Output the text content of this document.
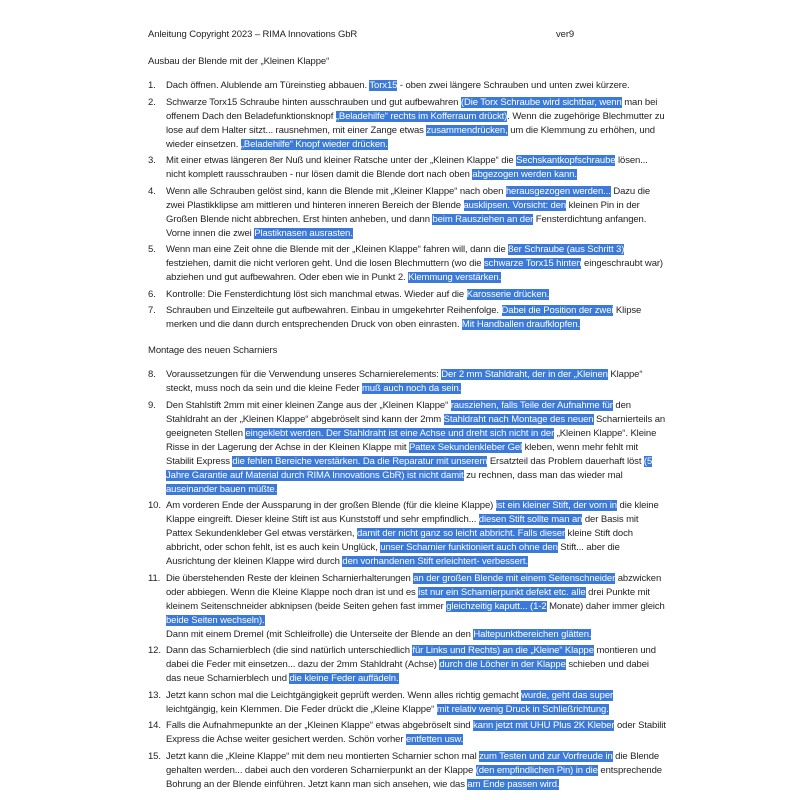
Anleitung Copyright 2023 – RIMA Innovations GbR	ver9
Ausbau der Blende mit der „Kleinen Klappe“
1.	Dach öffnen. Alublende am Türeinstieg abbauen. Torx15 - oben zwei längere Schrauben und unten zwei kürzere.
2.	Schwarze Torx15 Schraube hinten ausschrauben und gut aufbewahren (Die Torx Schraube wird sichtbar, wenn man bei offenem Dach den Beladefunktionsknopf „Beladehilfe“ rechts im Kofferraum drückt). Wenn die zugehörige Blechmutter zu lose auf dem Halter sitzt... rausnehmen, mit einer Zange etwas zusammendrücken, um die Klemmung zu erhöhen, und wieder einsetzen. „Beladehilfe“ Knopf wieder drücken.
3.	Mit einer etwas längeren 8er Nuß und kleiner Ratsche unter der „Kleinen Klappe“ die Sechskantkopfschraube lösen... nicht komplett rausschrauben - nur lösen damit die Blende dort nach oben abgezogen werden kann.
4.	Wenn alle Schrauben gelöst sind, kann die Blende mit „Kleiner Klappe“ nach oben herausgezogen werden... Dazu die zwei Plastikklipse am mittleren und hinteren inneren Bereich der Blende ausklipsen. Vorsicht: den kleinen Pin in der Großen Blende nicht abbrechen. Erst hinten anheben, und dann beim Rausziehen an der Fensterdichtung anfangen. Vorne innen die zwei Plastiknasen ausrasten.
5.	Wenn man eine Zeit ohne die Blende mit der „Kleinen Klappe“ fahren will, dann die 8er Schraube (aus Schritt 3) festziehen, damit die nicht verloren geht. Und die losen Blechmuttern (wo die schwarze Torx15 hinten eingeschraubt war) abziehen und gut aufbewahren. Oder eben wie in Punkt 2. Klemmung verstärken.
6.	Kontrolle: Die Fensterdichtung löst sich manchmal etwas. Wieder auf die Karosserie drücken.
7.	Schrauben und Einzelteile gut aufbewahren. Einbau in umgekehrter Reihenfolge. Dabei die Position der zwei Klipse merken und die dann durch entsprechenden Druck von oben einrasten. Mit Handballen draufklopfen.
Montage des neuen Scharniers
8.	Voraussetzungen für die Verwendung unseres Scharnierelements: Der 2 mm Stahldraht, der in der „Kleinen Klappe“ steckt, muss noch da sein und die kleine Feder muß auch noch da sein.
9.	Den Stahlstift 2mm mit einer kleinen Zange aus der „Kleinen Klappe“ rausziehen, falls Teile der Aufnahme für den Stahldraht an der „Kleinen Klappe“ abgebröselt sind kann der 2mm Stahldraht nach Montage des neuen Scharnierteils an geeigneten Stellen eingeklebt werden. Der Stahldraht ist eine Achse und dreht sich nicht in der „Kleinen Klappe“. Kleine Risse in der Lagerung der Achse in der Kleinen Klappe mit Pattex Sekundenkleber Gel kleben, wenn mehr fehlt mit Stabilit Express die fehlen Bereiche verstärken. Da die Reparatur mit unserem Ersatzteil das Problem dauerhaft löst (5 Jahre Garantie auf Material durch RIMA Innovations GbR) ist nicht damit zu rechnen, dass man das wieder mal auseinander bauen müßte.
10. Am vorderen Ende der Aussparung in der großen Blende (für die kleine Klappe) ist ein kleiner Stift, der vorn in die kleine Klappe eingreift. Dieser kleine Stift ist aus Kunststoff und sehr empfindlich... diesen Stift sollte man an der Basis mit Pattex Sekundenkleber Gel etwas verstärken, damit der nicht ganz so leicht abbricht. Falls dieser kleine Stift doch abbricht, oder schon fehlt, ist es auch kein Unglück, unser Scharnier funktioniert auch ohne den Stift... aber die Ausrichtung der kleinen Klappe wird durch den vorhandenen Stift erleichtert- verbessert.
11. Die überstehenden Reste der kleinen Scharnierhalterungen an der großen Blende mit einem Seitenschneider abzwicken oder abbiegen. Wenn die Kleine Klappe noch dran ist und es ist nur ein Scharnierpunkt defekt etc. alle drei Punkte mit kleinem Seitenschneider abknipsen (beide Seiten gehen fast immer gleichzeitig kaputt... (1-2 Monate) daher immer gleich beide Seiten wechseln).
Dann mit einem Dremel (mit Schleifrolle) die Unterseite der Blende an den Haltepunktbereichen glätten.
12. Dann das Scharnierblech (die sind natürlich unterschiedlich für Links und Rechts) an die „Kleine“ Klappe montieren und dabei die Feder mit einsetzen... dazu der 2mm Stahldraht (Achse) durch die Löcher in der Klappe schieben und dabei das neue Scharnierblech und die kleine Feder auffädeln.
13. Jetzt kann schon mal die Leichtgängigkeit geprüft werden. Wenn alles richtig gemacht wurde, geht das super leichtgängig, kein Klemmen. Die Feder drückt die „Kleine Klappe“ mit relativ wenig Druck in Schließrichtung.
14. Falls die Aufnahmepunkte an der „Kleinen Klappe“ etwas abgebröselt sind kann jetzt mit UHU Plus 2K Kleber oder Stabilit Express die Achse weiter gesichert werden. Schön vorher entfetten usw.
15. Jetzt kann die „Kleine Klappe“ mit dem neu montierten Scharnier schon mal zum Testen und zur Vorfreude in die Blende gehalten werden... dabei auch den vorderen Scharnierpunkt an der Klappe (den empfindlichen Pin) in die entsprechende Bohrung an der Blende einführen. Jetzt kann man sich ansehen, wie das am Ende passen wird.
